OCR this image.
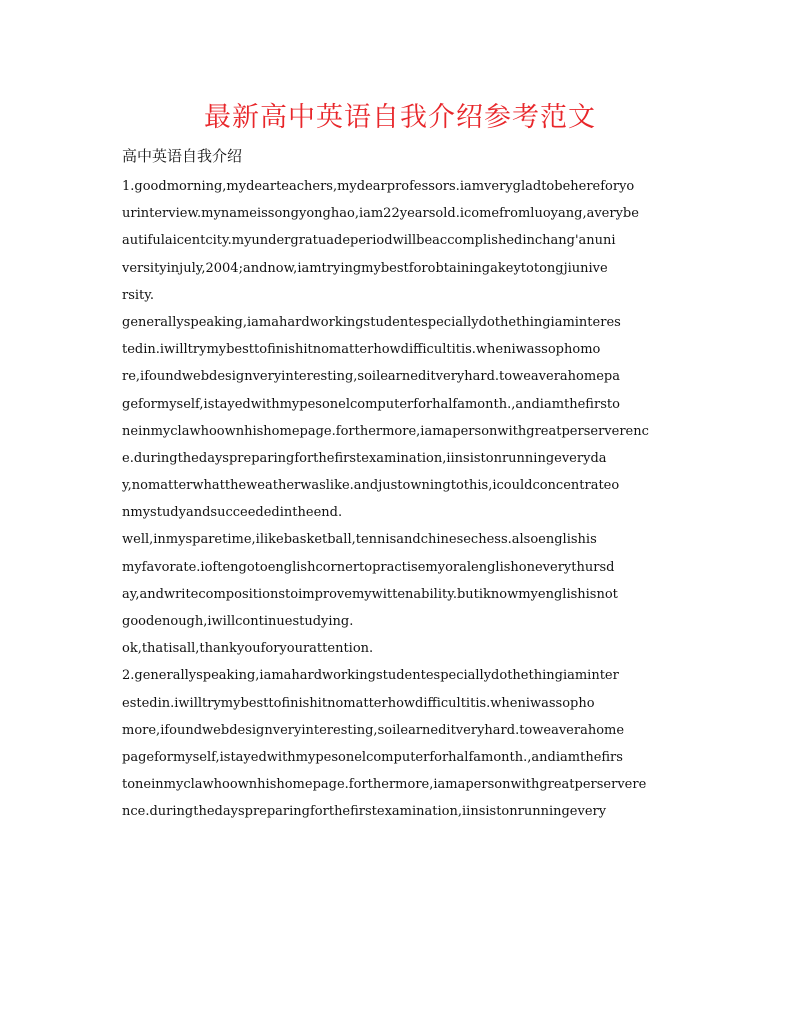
最新高中英语自我介绍参考范文
高中英语自我介绍
1.goodmorning,mydearteachers,mydearprofessors.iamverygladtobehereforyo
urinterview.mynameissongyonghao,iam22yearsold.icomefromluoyang,averybe
autifulaicentcity.myundergratuadeperiodwillbeaccomplishedinchang'anuni
versityinjuly,2004;andnow,iamtryingmybestforobtainingakeytotongjiunive
rsity.
generallyspeaking,iamahardworkingstudentespeciallydothethingiaminteres
tedin.iwilltrymybesttofinishitnomatterhowdifficultitis.wheniwassophomo
re,ifoundwebdesignveryinteresting,soilearneditveryhard.toweaverahomepa
geformyself,istayedwithmypesonelcomputerforhalfamonth.,andiamthefirsto
neinmyclawhoownhishomepage.forthermore,iamapersonwithgreatperserverenc
e.duringthedayspreparingforthefirstexamination,iinsistonrunningeveryda
y,nomatterwhattheweatherwaslike.andjustowningtothis,icouldconcentrateo
nmystudyandsucceededintheend.
well,inmysparetime,ilikebasketball,tennisandchinesechess.alsoenglishis
myfavorate.ioftengotoenglishcornertopractisemyoralenglishoneverythursd
ay,andwritecompositionstoimprovemywittenability.butiknowmyenglishisnot
goodenough,iwillcontinuestudying.
ok,thatisall,thankyouforyourattention.
2.generallyspeaking,iamahardworkingstudentespeciallydothethingiaminter
estedin.iwilltrymybesttofinishitnomatterhowdifficultitis.wheniwassopho
more,ifoundwebdesignveryinteresting,soilearneditveryhard.toweaverahome
pageformyself,istayedwithmypesonelcomputerforhalfamonth.,andiamthefirs
toneinmyclawhoownhishomepage.forthermore,iamapersonwithgreatperservere
nce.duringthedayspreparingforthefirstexamination,iinsistonrunningevery
